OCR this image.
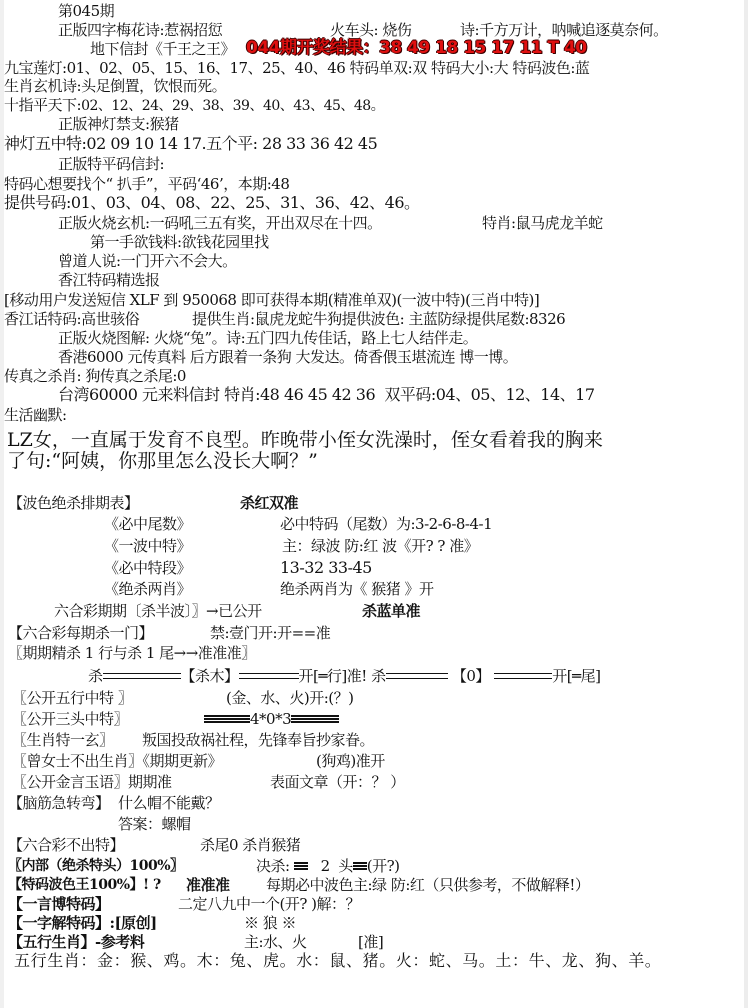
第045期
正版四字梅花诗:惹祸招愆	火车头: 烧伤	诗:千方万计，呐喊追逐莫奈何。
地下信封《千王之王》 044期开奖结果：38 49 18 15 17 11 T 40
九宝莲灯:01、02、05、15、16、17、25、40、46 特码单双:双 特码大小:大 特码波色:蓝
生肖玄机诗:头足倒置，饮恨而死。
十指平天下:02、12、24、29、38、39、40、43、45、48。
正版神灯禁支:猴猪
神灯五中特:02 09 10 14 17.五个平: 28 33 36 42 45
正版特平码信封:
特码心想要找个“ 扒手”，平码‘46’，本期:48
提供号码:01、03、04、08、22、25、31、36、42、46。
正版火烧玄机:一码吼三五有奖，开出双尽在十四。	特肖:鼠马虎龙羊蛇
第一手欲钱料:欲钱花园里找
曾道人说:一门开六不会大。
香江特码精选报
[移动用户发送短信 XLF 到 950068 即可获得本期(精准单双)(一波中特)(三肖中特)]
香江话特码:高世骇俗	提供生肖:鼠虎龙蛇牛狗提供波色: 主蓝防绿提供尾数:8326
正版火烧图解: 火烧“兔”。诗:五门四九传佳话，路上七人结伴走。
香港6000 元传真料 后方跟着一条狗 大发达。倚香偎玉堪流连 博一博。
传真之杀肖: 狗传真之杀尾:0
台湾60000 元来料信封 特肖:48 46 45 42 36 双平码:04、05、12、14、17
生活幽默:
LZ女，一直属于发育不良型。昨晚带小侄女洗澡时，侄女看着我的胸来
了句:“阿姨，你那里怎么没长大啊？”
【波色绝杀排期表】	杀红双准
《必中尾数》	必中特码（尾数）为:3-2-6-8-4-1
《一波中特》	主：绿波 防:红 波《开? ? 准》
《必中特段》	13-32 33-45
《绝杀两肖》	绝杀两肖为《 猴猪 》开
六合彩期期〔杀半波〕〗→已公开	杀蓝单准
【六合彩每期杀一门】	禁:壹门开:开==准
〖期期精杀 1 行与杀 1 尾→→准准准〗
杀	【杀木】	开[═行]准! 杀	【0】	开[═尾]
〖公开五行中特 〗	(金、水、火)开:(？)
〖公开三头中特〗	4*0*3
〖生肖特一玄〗 叛国投敌祸社程，先锋奉旨抄家眷。
〖曾女士不出生肖〗《期期更新》	(狗鸡)准开
〖公开金言玉语〗期期准	表面文章（开：？ ）
【脑筋急转弯】 什么帽不能戴？
答案：螺帽
【六合彩不出特】	杀尾0 杀肖猴猪
〖内部（绝杀特头）100%〗	决杀: 2 头 (开?)
【特码波色王100%】! ? 准准准 每期必中波色主:绿 防:红（只供参考，不做解释!）
【一言博特码】	二定八九中一个(开? )解：？
【一字解特码】:[原创]	※ 狼 ※
【五行生肖】-参考料	主:水、火	[准]
五行生肖：金：猴、鸡。木：兔、虎。水：鼠、猪。火：蛇、马。土：牛、龙、狗、羊。
